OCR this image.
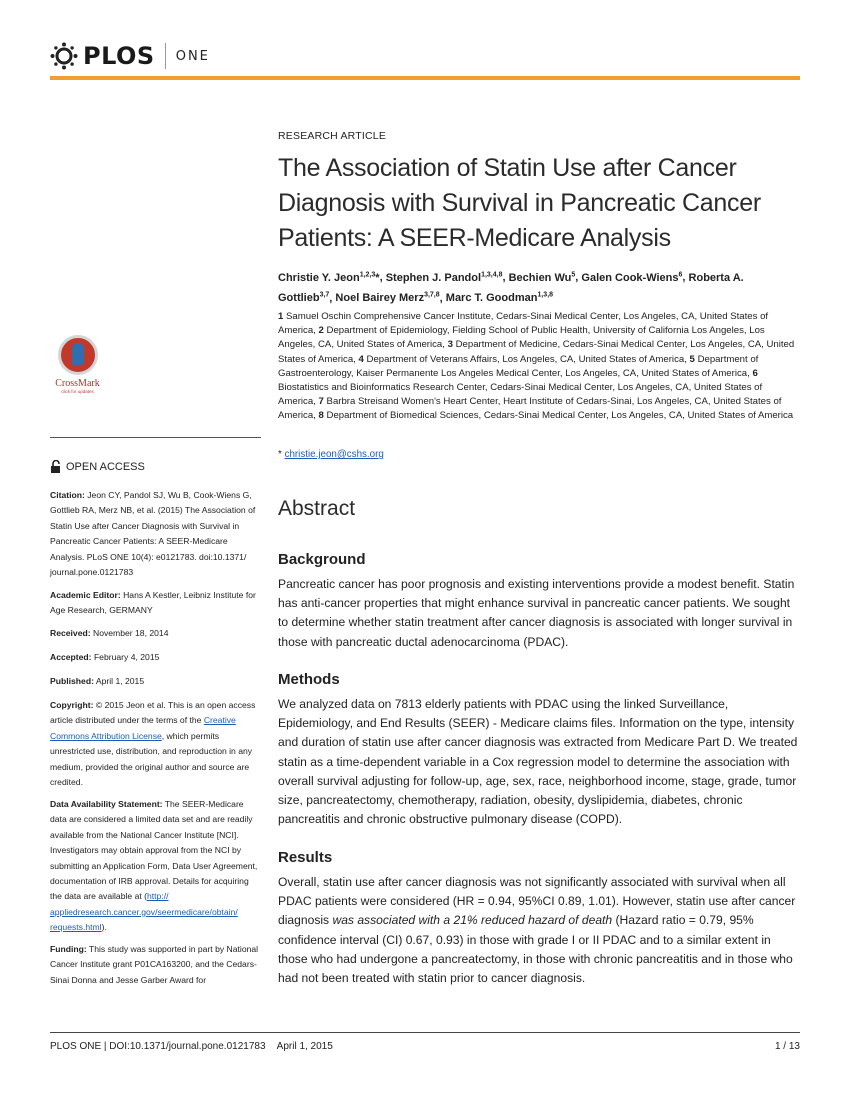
PLOS ONE
CrossMark
click for updates
OPEN ACCESS
Citation: Jeon CY, Pandol SJ, Wu B, Cook-Wiens G, Gottlieb RA, Merz NB, et al. (2015) The Association of Statin Use after Cancer Diagnosis with Survival in Pancreatic Cancer Patients: A SEER-Medicare Analysis. PLoS ONE 10(4): e0121783. doi:10.1371/ journal.pone.0121783
Academic Editor: Hans A Kestler, Leibniz Institute for Age Research, GERMANY
Received: November 18, 2014
Accepted: February 4, 2015
Published: April 1, 2015
Copyright: © 2015 Jeon et al. This is an open access article distributed under the terms of the Creative Commons Attribution License, which permits unrestricted use, distribution, and reproduction in any medium, provided the original author and source are credited.
Data Availability Statement: The SEER-Medicare data are considered a limited data set and are readily available from the National Cancer Institute [NCI]. Investigators may obtain approval from the NCI by submitting an Application Form, Data User Agreement, documentation of IRB approval. Details for acquiring the data are available at (http:// appliedresearch.cancer.gov/seermedicare/obtain/ requests.html).
Funding: This study was supported in part by National Cancer Institute grant P01CA163200, and the Cedars-Sinai Donna and Jesse Garber Award for
RESEARCH ARTICLE
The Association of Statin Use after Cancer Diagnosis with Survival in Pancreatic Cancer Patients: A SEER-Medicare Analysis
Christie Y. Jeon$^{1,2,3}$*, Stephen J. Pandol$^{1,3,4,8}$, Bechien Wu$^5$, Galen Cook-Wiens$^6$, Roberta A. Gottlieb$^{3,7}$, Noel Bairey Merz$^{3,7,8}$, Marc T. Goodman$^{1,3,8}$
1 Samuel Oschin Comprehensive Cancer Institute, Cedars-Sinai Medical Center, Los Angeles, CA, United States of America, 2 Department of Epidemiology, Fielding School of Public Health, University of California Los Angeles, Los Angeles, CA, United States of America, 3 Department of Medicine, Cedars-Sinai Medical Center, Los Angeles, CA, United States of America, 4 Department of Veterans Affairs, Los Angeles, CA, United States of America, 5 Department of Gastroenterology, Kaiser Permanente Los Angeles Medical Center, Los Angeles, CA, United States of America, 6 Biostatistics and Bioinformatics Research Center, Cedars-Sinai Medical Center, Los Angeles, CA, United States of America, 7 Barbra Streisand Women's Heart Center, Heart Institute of Cedars-Sinai, Los Angeles, CA, United States of America, 8 Department of Biomedical Sciences, Cedars-Sinai Medical Center, Los Angeles, CA, United States of America
* christie.jeon@cshs.org
Abstract
Background
Pancreatic cancer has poor prognosis and existing interventions provide a modest benefit. Statin has anti-cancer properties that might enhance survival in pancreatic cancer patients. We sought to determine whether statin treatment after cancer diagnosis is associated with longer survival in those with pancreatic ductal adenocarcinoma (PDAC).
Methods
We analyzed data on 7813 elderly patients with PDAC using the linked Surveillance, Epidemiology, and End Results (SEER) - Medicare claims files. Information on the type, intensity and duration of statin use after cancer diagnosis was extracted from Medicare Part D. We treated statin as a time-dependent variable in a Cox regression model to determine the association with overall survival adjusting for follow-up, age, sex, race, neighborhood income, stage, grade, tumor size, pancreatectomy, chemotherapy, radiation, obesity, dyslipidemia, diabetes, chronic pancreatitis and chronic obstructive pulmonary disease (COPD).
Results
Overall, statin use after cancer diagnosis was not significantly associated with survival when all PDAC patients were considered (HR = 0.94, 95%CI 0.89, 1.01). However, statin use after cancer diagnosis was associated with a 21% reduced hazard of death (Hazard ratio = 0.79, 95% confidence interval (CI) 0.67, 0.93) in those with grade I or II PDAC and to a similar extent in those who had undergone a pancreatectomy, in those with chronic pancreatitis and in those who had not been treated with statin prior to cancer diagnosis.
PLOS ONE | DOI:10.1371/journal.pone.0121783 April 1, 2015	1 / 13
